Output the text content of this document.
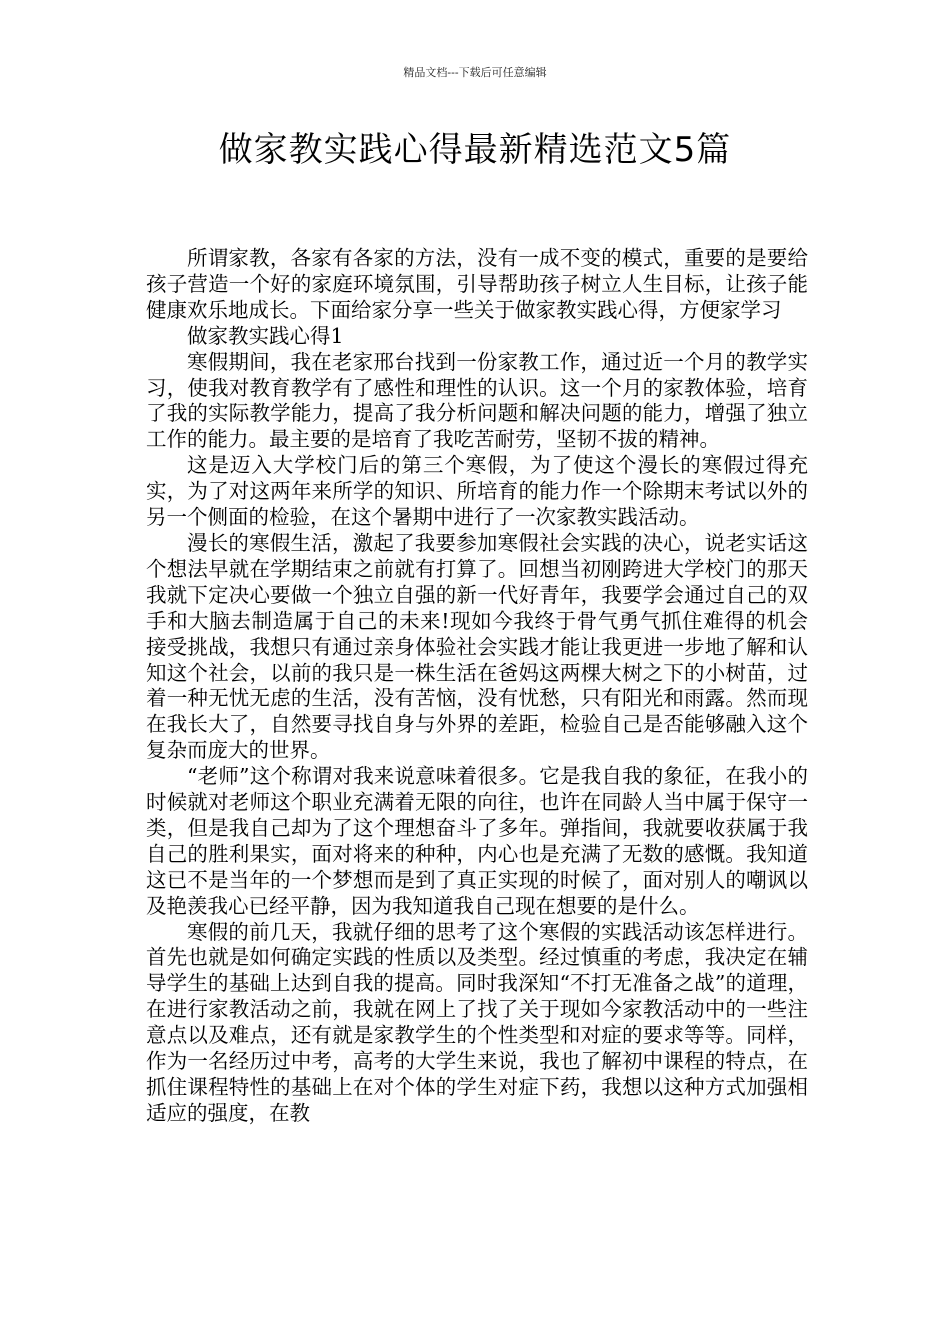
精品文档---下载后可任意编辑
做家教实践心得最新精选范文5篇

所谓家教，各家有各家的方法，没有一成不变的模式，重要的是要给孩子营造一个好的家庭环境氛围，引导帮助孩子树立人生目标，让孩子能健康欢乐地成长。下面给家分享一些关于做家教实践心得，方便家学习

做家教实践心得1

寒假期间，我在老家邢台找到一份家教工作，通过近一个月的教学实习，使我对教育教学有了感性和理性的认识。这一个月的家教体验，培育了我的实际教学能力，提高了我分析问题和解决问题的能力，增强了独立工作的能力。最主要的是培育了我吃苦耐劳，坚韧不拔的精神。

这是迈入大学校门后的第三个寒假，为了使这个漫长的寒假过得充实，为了对这两年来所学的知识、所培育的能力作一个除期末考试以外的另一个侧面的检验，在这个暑期中进行了一次家教实践活动。

漫长的寒假生活，激起了我要参加寒假社会实践的决心，说老实话这个想法早就在学期结束之前就有打算了。回想当初刚跨进大学校门的那天我就下定决心要做一个独立自强的新一代好青年，我要学会通过自己的双手和大脑去制造属于自己的未来!现如今我终于骨气勇气抓住难得的机会接受挑战，我想只有通过亲身体验社会实践才能让我更进一步地了解和认知这个社会，以前的我只是一株生活在爸妈这两棵大树之下的小树苗，过着一种无忧无虑的生活，没有苦恼，没有忧愁，只有阳光和雨露。然而现在我长大了，自然要寻找自身与外界的差距，检验自己是否能够融入这个复杂而庞大的世界。

“老师”这个称谓对我来说意味着很多。它是我自我的象征，在我小的时候就对老师这个职业充满着无限的向往，也许在同龄人当中属于保守一类，但是我自己却为了这个理想奋斗了多年。弹指间，我就要收获属于我自己的胜利果实，面对将来的种种，内心也是充满了无数的感慨。我知道这已不是当年的一个梦想而是到了真正实现的时候了，面对别人的嘲讽以及艳羡我心已经平静，因为我知道我自己现在想要的是什么。

寒假的前几天，我就仔细的思考了这个寒假的实践活动该怎样进行。首先也就是如何确定实践的性质以及类型。经过慎重的考虑，我决定在辅导学生的基础上达到自我的提高。同时我深知“不打无准备之战”的道理，在进行家教活动之前，我就在网上了找了关于现如今家教活动中的一些注意点以及难点，还有就是家教学生的个性类型和对症的要求等等。同样，作为一名经历过中考，高考的大学生来说，我也了解初中课程的特点，在抓住课程特性的基础上在对个体的学生对症下药，我想以这种方式加强相适应的强度，在教
